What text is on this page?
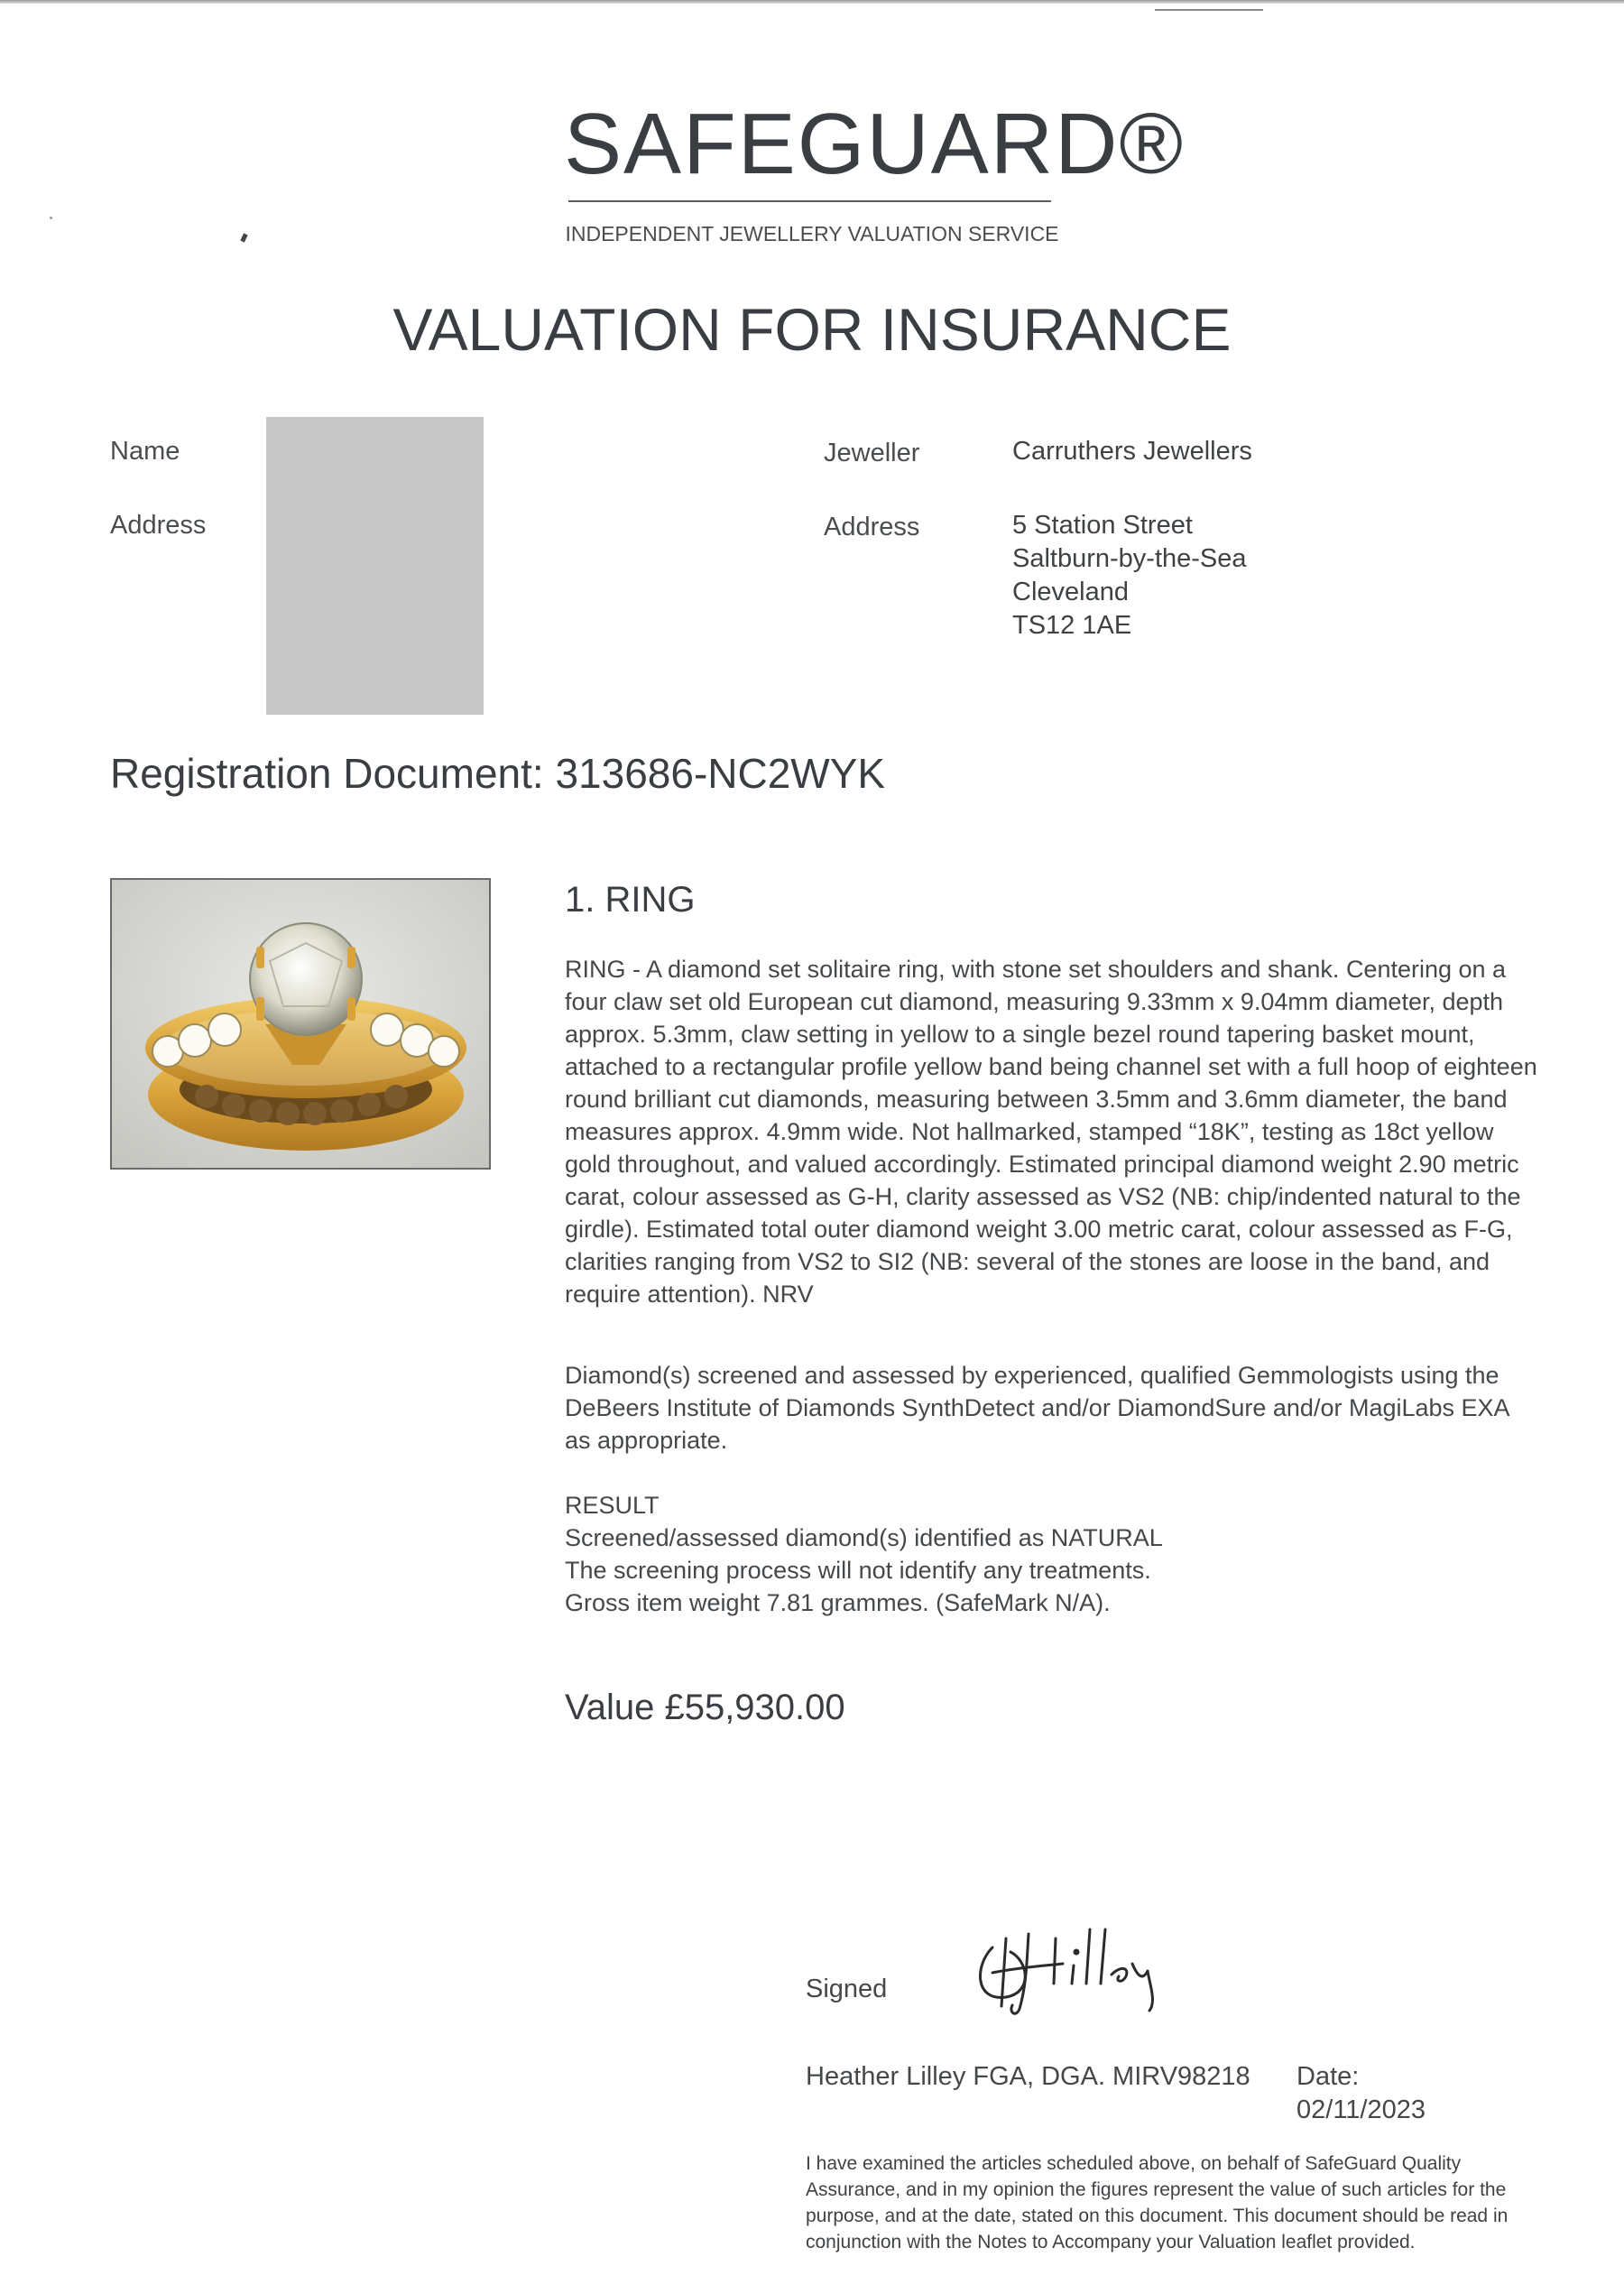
SAFEGUARD®
INDEPENDENT JEWELLERY VALUATION SERVICE
VALUATION FOR INSURANCE
Name
Address
Jeweller	Carruthers Jewellers
Address	5 Station Street
Saltburn-by-the-Sea
Cleveland
TS12 1AE
Registration Document: 313686-NC2WYK
1. RING
RING - A diamond set solitaire ring, with stone set shoulders and shank. Centering on a four claw set old European cut diamond, measuring 9.33mm x 9.04mm diameter, depth approx. 5.3mm, claw setting in yellow to a single bezel round tapering basket mount, attached to a rectangular profile yellow band being channel set with a full hoop of eighteen round brilliant cut diamonds, measuring between 3.5mm and 3.6mm diameter, the band measures approx. 4.9mm wide. Not hallmarked, stamped “18K”, testing as 18ct yellow gold throughout, and valued accordingly. Estimated principal diamond weight 2.90 metric carat, colour assessed as G-H, clarity assessed as VS2 (NB: chip/indented natural to the girdle). Estimated total outer diamond weight 3.00 metric carat, colour assessed as F-G, clarities ranging from VS2 to SI2 (NB: several of the stones are loose in the band, and require attention). NRV
Diamond(s) screened and assessed by experienced, qualified Gemmologists using the DeBeers Institute of Diamonds SynthDetect and/or DiamondSure and/or MagiLabs EXA as appropriate.
RESULT
Screened/assessed diamond(s) identified as NATURAL
The screening process will not identify any treatments.
Gross item weight 7.81 grammes. (SafeMark N/A).
Value £55,930.00
Signed
Heather Lilley FGA, DGA. MIRV98218 Date:
02/11/2023
I have examined the articles scheduled above, on behalf of SafeGuard Quality Assurance, and in my opinion the figures represent the value of such articles for the purpose, and at the date, stated on this document. This document should be read in conjunction with the Notes to Accompany your Valuation leaflet provided.
